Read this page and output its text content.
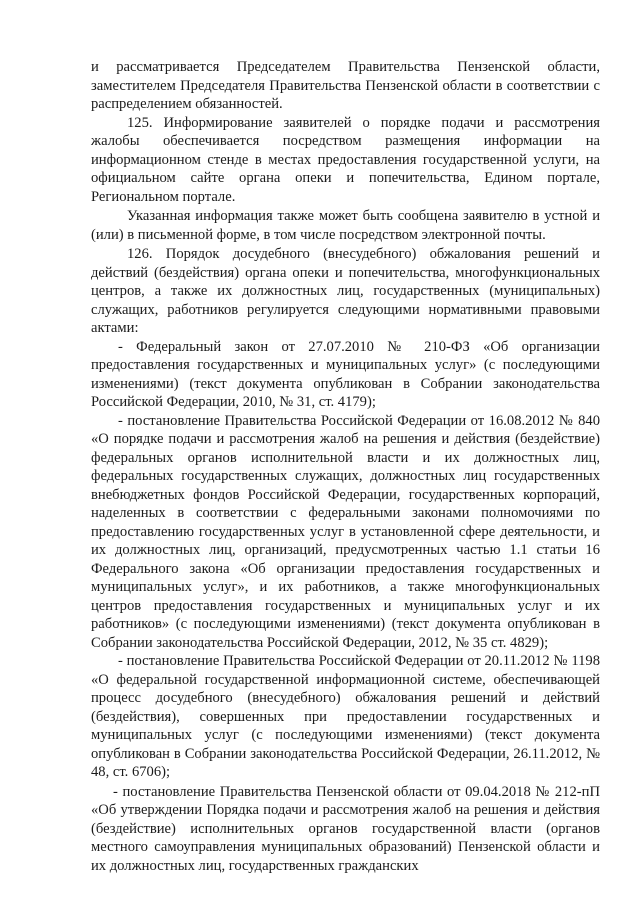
и рассматривается Председателем Правительства Пензенской области, заместителем Председателя Правительства Пензенской области в соответствии с распределением обязанностей.

125. Информирование заявителей о порядке подачи и рассмотрения жалобы обеспечивается посредством размещения информации на информационном стенде в местах предоставления государственной услуги, на официальном сайте органа опеки и попечительства, Едином портале, Региональном портале.

Указанная информация также может быть сообщена заявителю в устной и (или) в письменной форме, в том числе посредством электронной почты.

126. Порядок досудебного (внесудебного) обжалования решений и действий (бездействия) органа опеки и попечительства, многофункциональных центров, а также их должностных лиц, государственных (муниципальных) служащих, работников регулируется следующими нормативными правовыми актами:

- Федеральный закон от 27.07.2010 № 210-ФЗ «Об организации предоставления государственных и муниципальных услуг» (с последующими изменениями) (текст документа опубликован в Собрании законодательства Российской Федерации, 2010, № 31, ст. 4179);

- постановление Правительства Российской Федерации от 16.08.2012 № 840 «О порядке подачи и рассмотрения жалоб на решения и действия (бездействие) федеральных органов исполнительной власти и их должностных лиц, федеральных государственных служащих, должностных лиц государственных внебюджетных фондов Российской Федерации, государственных корпораций, наделенных в соответствии с федеральными законами полномочиями по предоставлению государственных услуг в установленной сфере деятельности, и их должностных лиц, организаций, предусмотренных частью 1.1 статьи 16 Федерального закона «Об организации предоставления государственных и муниципальных услуг», и их работников, а также многофункциональных центров предоставления государственных и муниципальных услуг и их работников» (с последующими изменениями) (текст документа опубликован в Собрании законодательства Российской Федерации, 2012, № 35 ст. 4829);

- постановление Правительства Российской Федерации от 20.11.2012 № 1198 «О федеральной государственной информационной системе, обеспечивающей процесс досудебного (внесудебного) обжалования решений и действий (бездействия), совершенных при предоставлении государственных и муниципальных услуг (с последующими изменениями) (текст документа опубликован в Собрании законодательства Российской Федерации, 26.11.2012, № 48, ст. 6706);

- постановление Правительства Пензенской области от 09.04.2018 № 212-пП «Об утверждении Порядка подачи и рассмотрения жалоб на решения и действия (бездействие) исполнительных органов государственной власти (органов местного самоуправления муниципальных образований) Пензенской области и их должностных лиц, государственных гражданских
